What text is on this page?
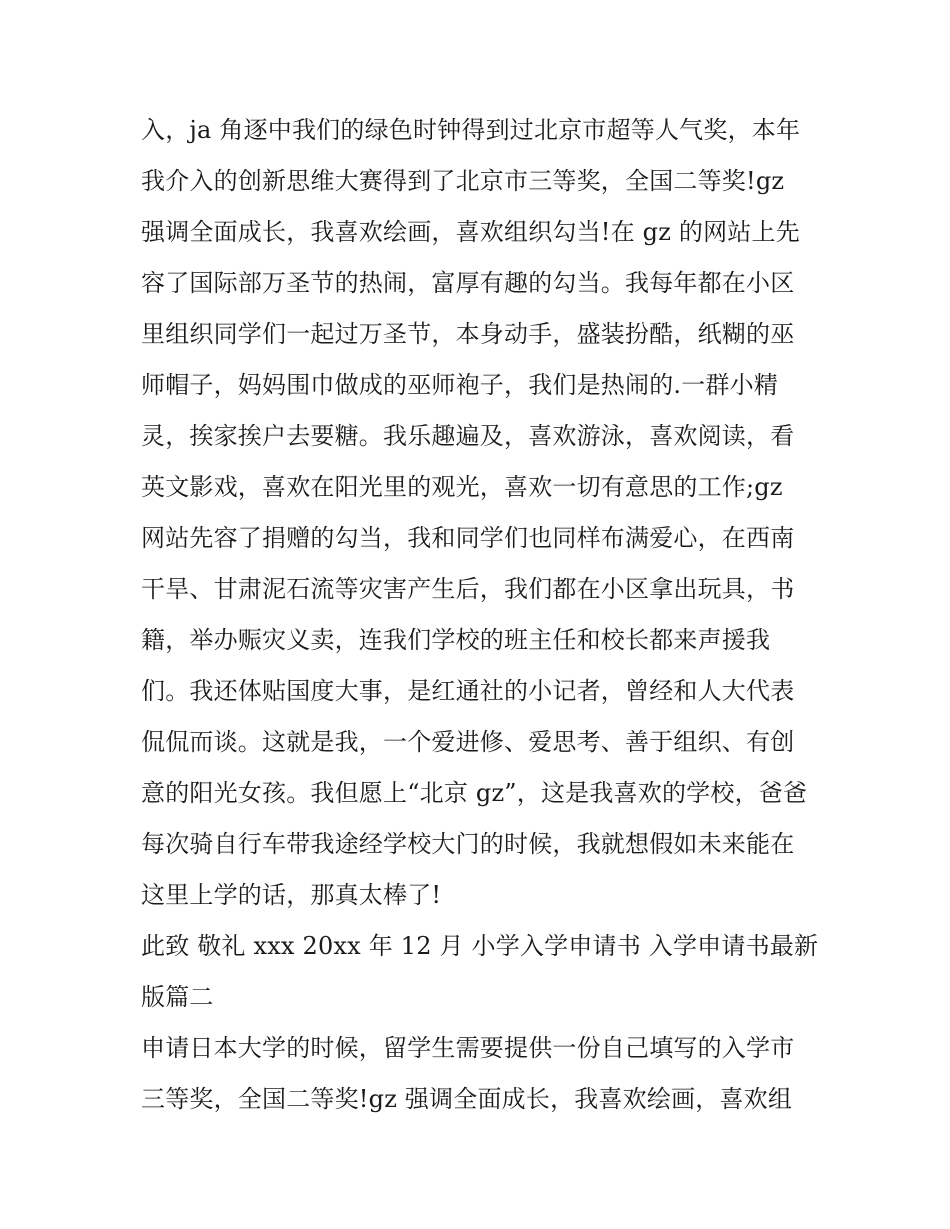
入，ja 角逐中我们的绿色时钟得到过北京市超等人气奖，本年
我介入的创新思维大赛得到了北京市三等奖，全国二等奖!gz
强调全面成长，我喜欢绘画，喜欢组织勾当!在 gz 的网站上先
容了国际部万圣节的热闹，富厚有趣的勾当。我每年都在小区
里组织同学们一起过万圣节，本身动手，盛装扮酷，纸糊的巫
师帽子，妈妈围巾做成的巫师袍子，我们是热闹的.一群小精
灵，挨家挨户去要糖。我乐趣遍及，喜欢游泳，喜欢阅读，看
英文影戏，喜欢在阳光里的观光，喜欢一切有意思的工作;gz
网站先容了捐赠的勾当，我和同学们也同样布满爱心，在西南
干旱、甘肃泥石流等灾害产生后，我们都在小区拿出玩具，书
籍，举办赈灾义卖，连我们学校的班主任和校长都来声援我
们。我还体贴国度大事，是红通社的小记者，曾经和人大代表
侃侃而谈。这就是我，一个爱进修、爱思考、善于组织、有创
意的阳光女孩。我但愿上“北京 gz”，这是我喜欢的学校，爸爸
每次骑自行车带我途经学校大门的时候，我就想假如未来能在
这里上学的话，那真太棒了!
此致 敬礼 xxx 20xx 年 12 月 小学入学申请书 入学申请书最新
版篇二
申请日本大学的时候，留学生需要提供一份自己填写的入学市
三等奖，全国二等奖!gz 强调全面成长，我喜欢绘画，喜欢组
